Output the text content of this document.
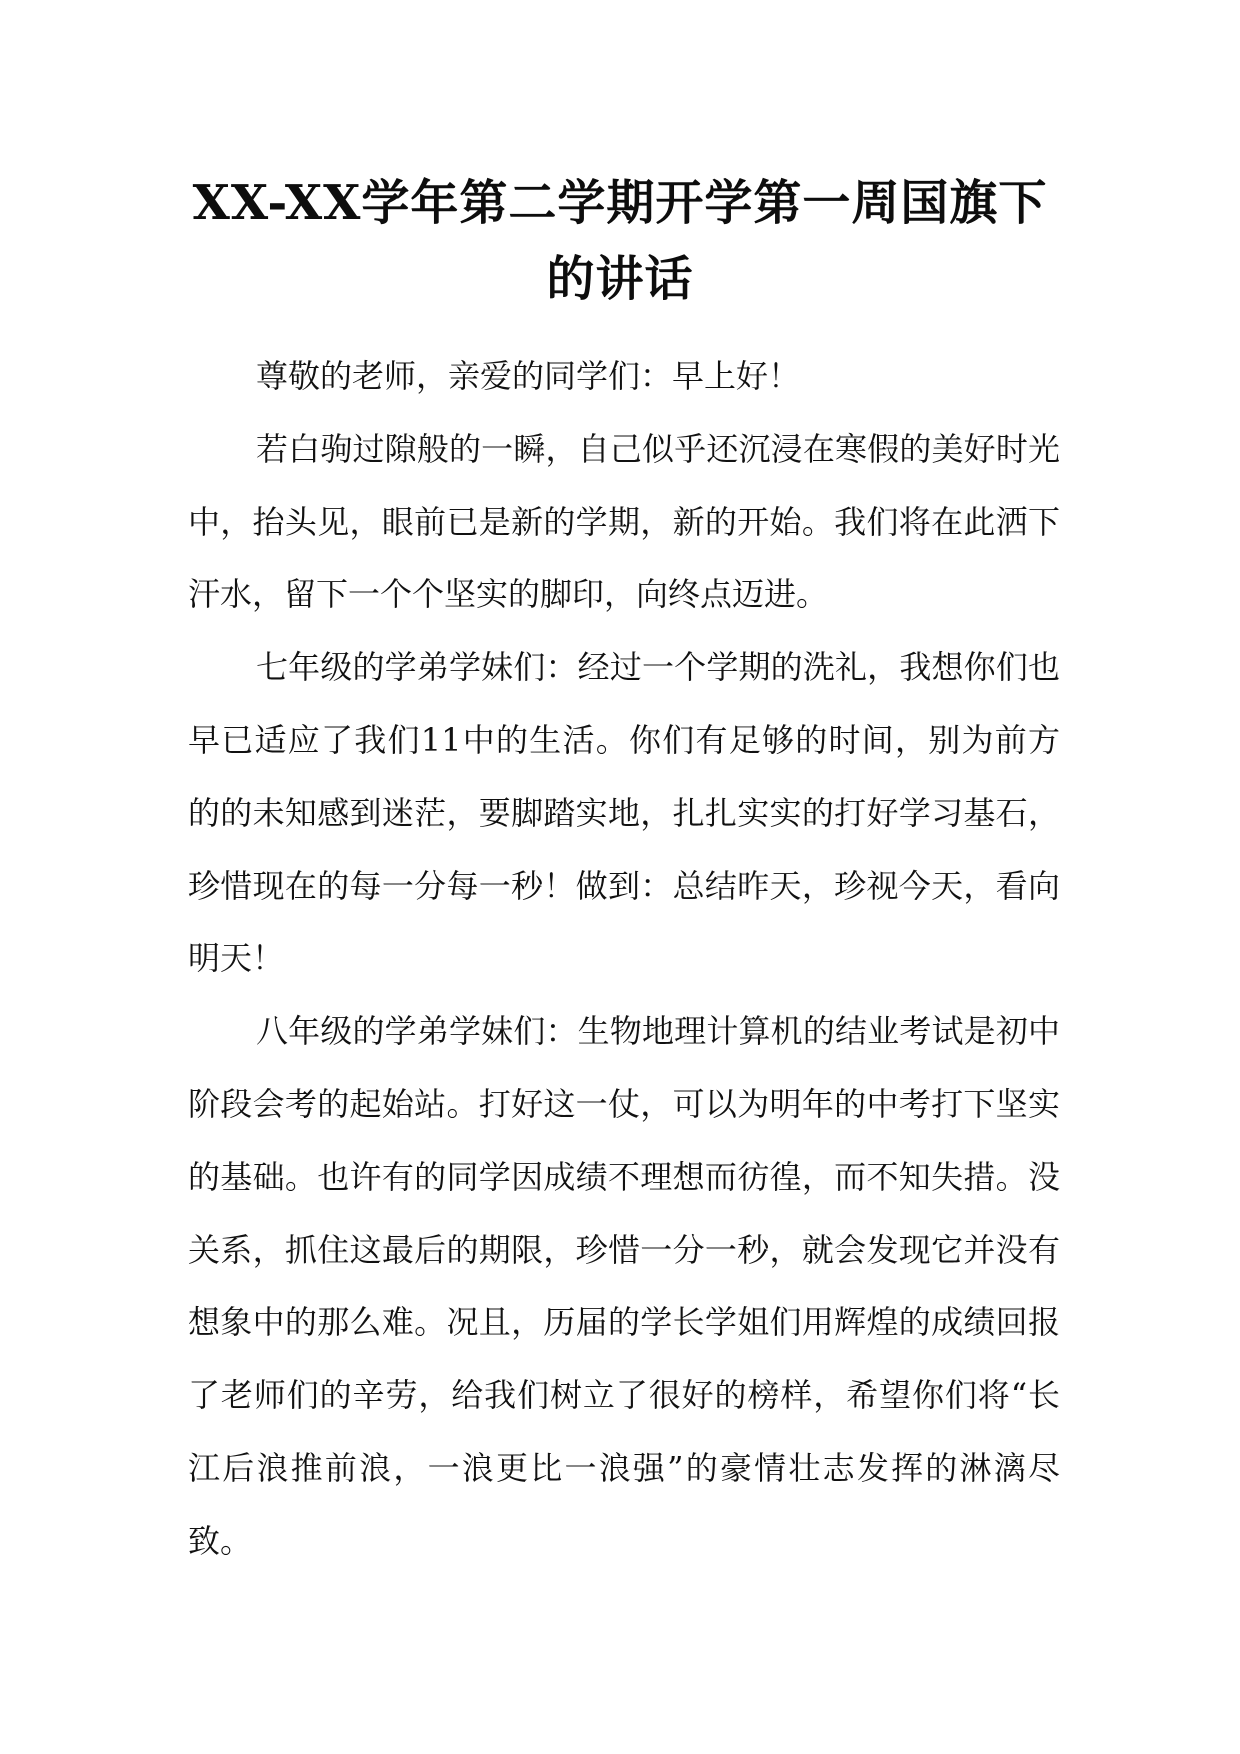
XX-XX学年第二学期开学第一周国旗下
的讲话

尊敬的老师，亲爱的同学们：早上好！

若白驹过隙般的一瞬，自己似乎还沉浸在寒假的美好时光中，抬头见，眼前已是新的学期，新的开始。我们将在此洒下汗水，留下一个个坚实的脚印，向终点迈进。

七年级的学弟学妹们：经过一个学期的洗礼，我想你们也早已适应了我们11中的生活。你们有足够的时间，别为前方的的未知感到迷茫，要脚踏实地，扎扎实实的打好学习基石，珍惜现在的每一分每一秒！做到：总结昨天，珍视今天，看向明天！

八年级的学弟学妹们：生物地理计算机的结业考试是初中阶段会考的起始站。打好这一仗，可以为明年的中考打下坚实的基础。也许有的同学因成绩不理想而彷徨，而不知失措。没关系，抓住这最后的期限，珍惜一分一秒，就会发现它并没有想象中的那么难。况且，历届的学长学姐们用辉煌的成绩回报了老师们的辛劳，给我们树立了很好的榜样，希望你们将“长江后浪推前浪，一浪更比一浪强”的豪情壮志发挥的淋漓尽致。
